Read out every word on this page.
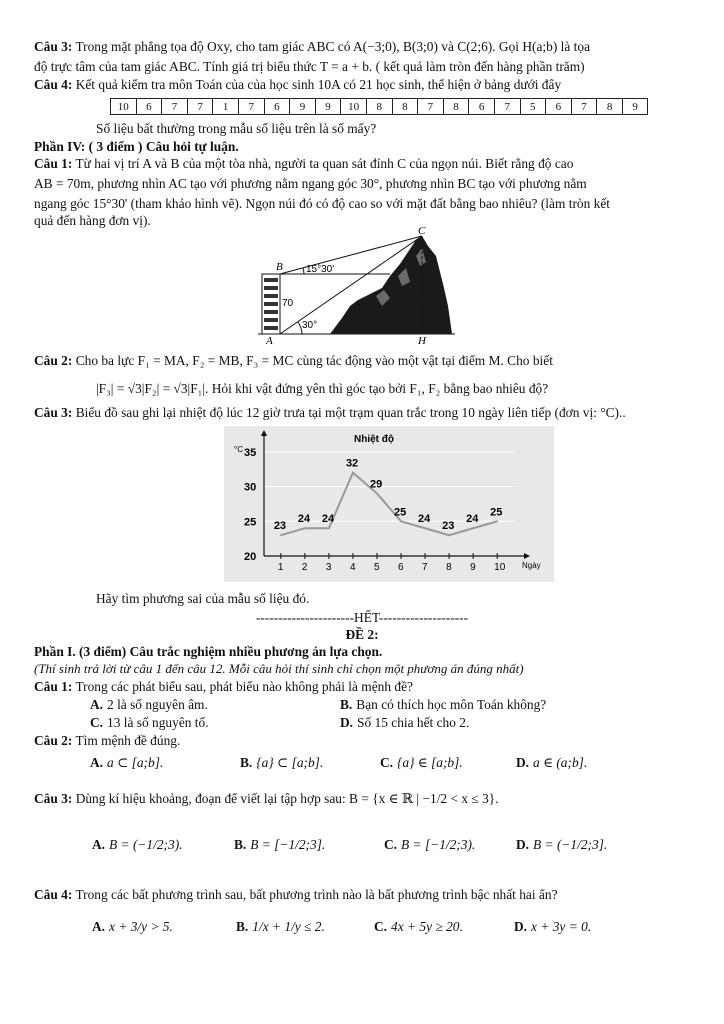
Câu 3: Trong mặt phẳng tọa độ Oxy, cho tam giác ABC có A(−3;0), B(3;0) và C(2;6). Gọi H(a;b) là tọa
độ trực tâm của tam giác ABC. Tính giá trị biểu thức T = a + b. ( kết quả làm tròn đến hàng phần trăm)
Câu 4: Kết quả kiểm tra môn Toán của của học sinh 10A có 21 học sinh, thể hiện ở bảng dưới đây
10	6	7	7	1	7	6	9	9	10	8	8	7	8	6	7	5	6	7	8	9
Số liệu bất thường trong mẫu số liệu trên là số mấy?
Phần IV: ( 3 điểm ) Câu hỏi tự luận.
Câu 1: Từ hai vị trí A và B của một tòa nhà, người ta quan sát đỉnh C của ngọn núi. Biết rằng độ cao
AB = 70m, phương nhìn AC tạo với phương nằm ngang góc 30°, phương nhìn BC tạo với phương nằm
ngang góc 15°30' (tham khảo hình vẽ). Ngọn núi đó có độ cao so với mặt đất bằng bao nhiêu? (làm tròn kết
quả đến hàng đơn vị).
C
B
A	H
15°30'
70
30°
Câu 2: Cho ba lực F₁ = MA, F₂ = MB, F₃ = MC cùng tác động vào một vật tại điểm M. Cho biết
|F₃| = √3|F₂| = √3|F₁|. Hỏi khi vật đứng yên thì góc tạo bởi F₁, F₂ bằng bao nhiêu độ?
Câu 3: Biểu đồ sau ghi lại nhiệt độ lúc 12 giờ trưa tại một trạm quan trắc trong 10 ngày liên tiếp (đơn vị: °C)..
Nhiệt độ
°C
Ngày
20
25
30
35
1 2 3 4 5 6 7 8 9 10
23
24 24
32
29
25
24
23
24
25
Hãy tìm phương sai của mẫu số liệu đó.
----------------------HẾT--------------------
ĐỀ 2:
Phần I. (3 điểm) Câu trắc nghiệm nhiều phương án lựa chọn.
(Thí sinh trả lời từ câu 1 đến câu 12. Mỗi câu hỏi thí sinh chỉ chọn một phương án đúng nhất)
Câu 1: Trong các phát biểu sau, phát biểu nào không phải là mệnh đề?
A. 2 là số nguyên âm.	B. Bạn có thích học môn Toán không?
C. 13 là số nguyên tố.	D. Số 15 chia hết cho 2.
Câu 2: Tìm mệnh đề đúng.
A. a ⊂ [a;b].	B. {a} ⊂ [a;b].	C. {a} ∈ [a;b].	D. a ∈ (a;b].
Câu 3: Dùng kí hiệu khoảng, đoạn để viết lại tập hợp sau: B = {x ∈ ℝ | −1/2 < x ≤ 3}.
A. B = (−1/2;3).	B. B = [−1/2;3].	C. B = [−1/2;3).	D. B = (−1/2;3].
Câu 4: Trong các bất phương trình sau, bất phương trình nào là bất phương trình bậc nhất hai ẩn?
A. x + 3/y > 5.	B. 1/x + 1/y ≤ 2.	C. 4x + 5y ≥ 20.	D. x + 3y = 0.
